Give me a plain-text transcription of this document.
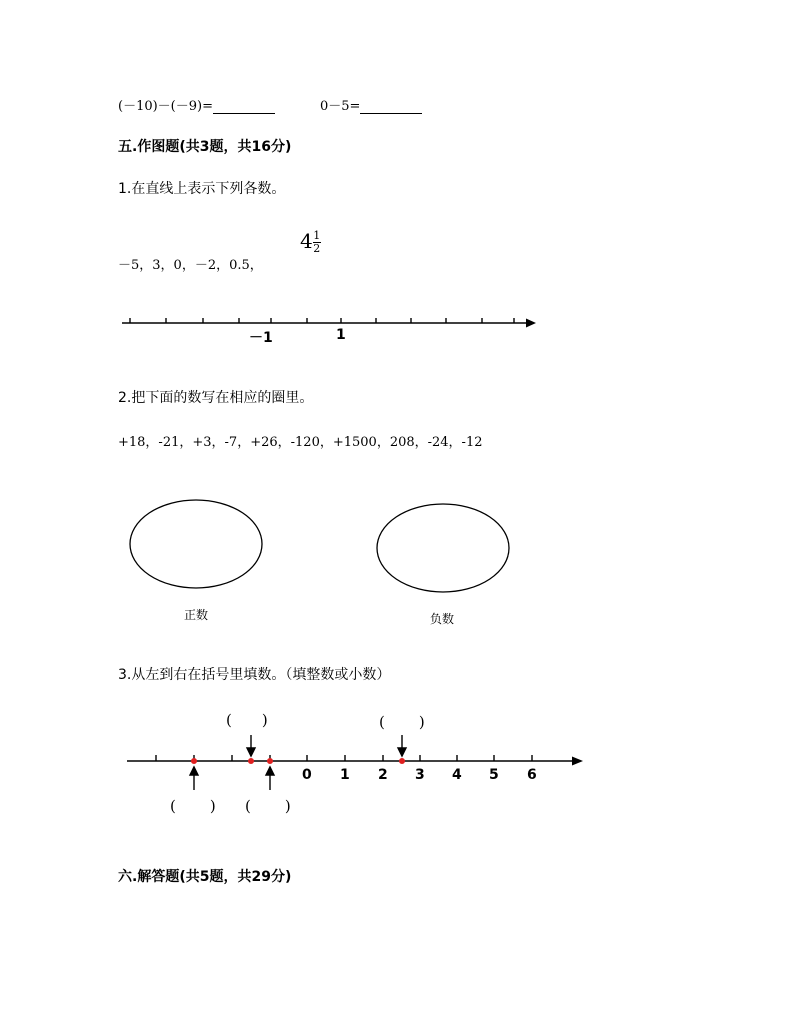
(－10)－(－9)=	0－5=
五.作图题(共3题，共16分)
1.在直线上表示下列各数。
－5，3，0，－2，0.5，
$4 \frac{1}{2}$
－1	1
2.把下面的数写在相应的圈里。
+18，-21，+3，-7，+26，-120，+1500，208，-24，-12
正数	负数
3.从左到右在括号里填数。（填整数或小数）
( )	( )
( ) ( )
0 1 2 3 4 5 6
六.解答题(共5题，共29分)
